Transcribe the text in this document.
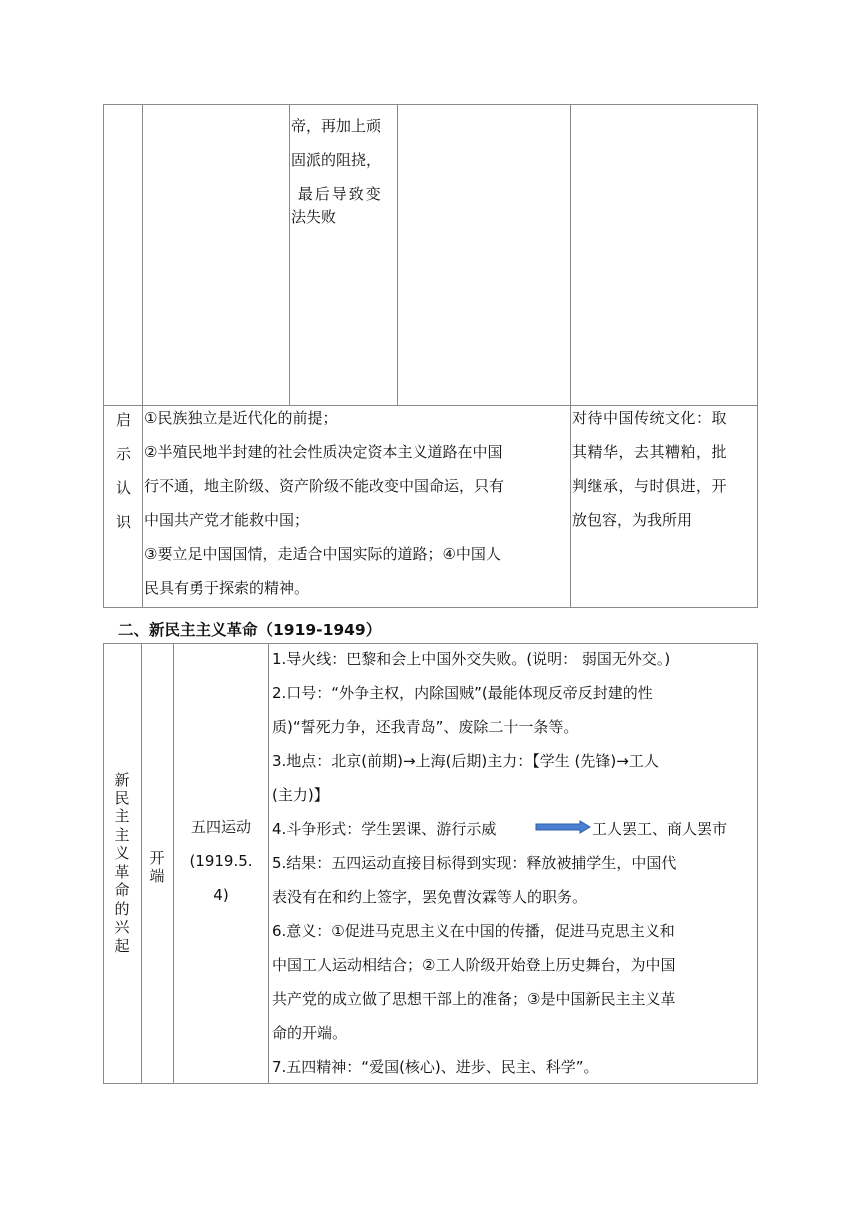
帝，再加上顽
固派的阻挠，
最后导致变
法失败
启
示
认
识
①民族独立是近代化的前提；
②半殖民地半封建的社会性质决定资本主义道路在中国
行不通，地主阶级、资产阶级不能改变中国命运，只有
中国共产党才能救中国；
③要立足中国国情，走适合中国实际的道路；④中国人
民具有勇于探索的精神。
对待中国传统文化：取
其精华，去其糟粕，批
判继承，与时俱进，开
放包容，为我所用
二、新民主主义革命（1919-1949）
新
民
主
主
义
革
命
的
兴
起
开
端
五四运动
(1919.5.
4)
1.导火线：巴黎和会上中国外交失败。(说明： 弱国无外交。)
2.口号：“外争主权，内除国贼”(最能体现反帝反封建的性
质)“誓死力争，还我青岛”、废除二十一条等。
3.地点：北京(前期)→上海(后期)主力：【学生 (先锋)→工人
(主力)】
4.斗争形式：学生罢课、游行示威	工人罢工、商人罢市
5.结果：五四运动直接目标得到实现：释放被捕学生，中国代
表没有在和约上签字，罢免曹汝霖等人的职务。
6.意义：①促进马克思主义在中国的传播，促进马克思主义和
中国工人运动相结合；②工人阶级开始登上历史舞台，为中国
共产党的成立做了思想干部上的准备；③是中国新民主主义革
命的开端。
7.五四精神：“爱国(核心)、进步、民主、科学”。
